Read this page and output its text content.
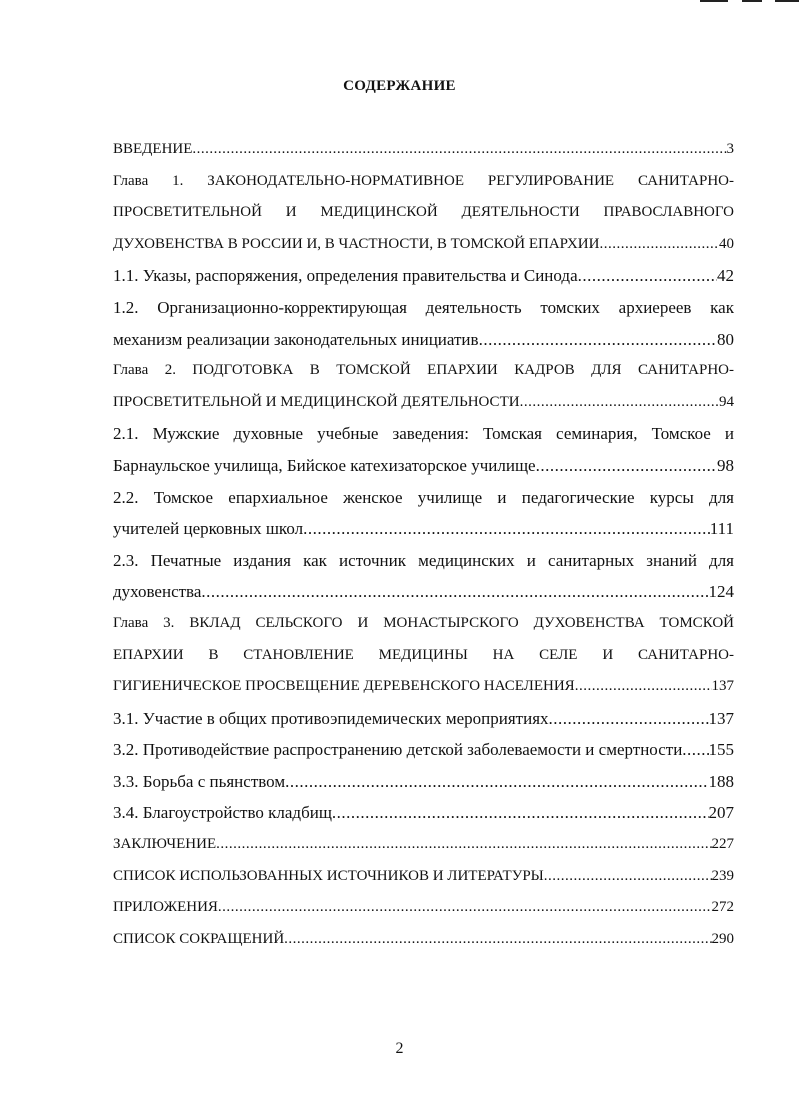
СОДЕРЖАНИЕ
ВВЕДЕНИЕ .....	3
Глава 1. ЗАКОНОДАТЕЛЬНО-НОРМАТИВНОЕ РЕГУЛИРОВАНИЕ САНИТАРНО-
ПРОСВЕТИТЕЛЬНОЙ И МЕДИЦИНСКОЙ ДЕЯТЕЛЬНОСТИ ПРАВОСЛАВНОГО
ДУХОВЕНСТВА В РОССИИ И, В ЧАСТНОСТИ, В ТОМСКОЙ ЕПАРХИИ .....	40
1.1. Указы, распоряжения, определения правительства и Синода .....	42
1.2. Организационно-корректирующая деятельность томских архиереев как
механизм реализации законодательных инициатив .....	80
Глава 2. ПОДГОТОВКА В ТОМСКОЙ ЕПАРХИИ КАДРОВ ДЛЯ САНИТАРНО-
ПРОСВЕТИТЕЛЬНОЙ И МЕДИЦИНСКОЙ ДЕЯТЕЛЬНОСТИ .....	94
2.1. Мужские духовные учебные заведения: Томская семинария, Томское и
Барнаульское училища, Бийское катехизаторское училище .....	98
2.2. Томское епархиальное женское училище и педагогические курсы для
учителей церковных школ .....	111
2.3. Печатные издания как источник медицинских и санитарных знаний для
духовенства .....	124
Глава 3. ВКЛАД СЕЛЬСКОГО И МОНАСТЫРСКОГО ДУХОВЕНСТВА ТОМСКОЙ
ЕПАРХИИ В СТАНОВЛЕНИЕ МЕДИЦИНЫ НА СЕЛЕ И САНИТАРНО-
ГИГИЕНИЧЕСКОЕ ПРОСВЕЩЕНИЕ ДЕРЕВЕНСКОГО НАСЕЛЕНИЯ .....	137
3.1. Участие в общих противоэпидемических мероприятиях .....	137
3.2. Противодействие распространению детской заболеваемости и смертности ..... 155
3.3. Борьба с пьянством .....	188
3.4. Благоустройство кладбищ .....	207
ЗАКЛЮЧЕНИЕ .....	227
СПИСОК ИСПОЛЬЗОВАННЫХ ИСТОЧНИКОВ И ЛИТЕРАТУРЫ .....	239
ПРИЛОЖЕНИЯ .....	272
СПИСОК СОКРАЩЕНИЙ .....	290
2
